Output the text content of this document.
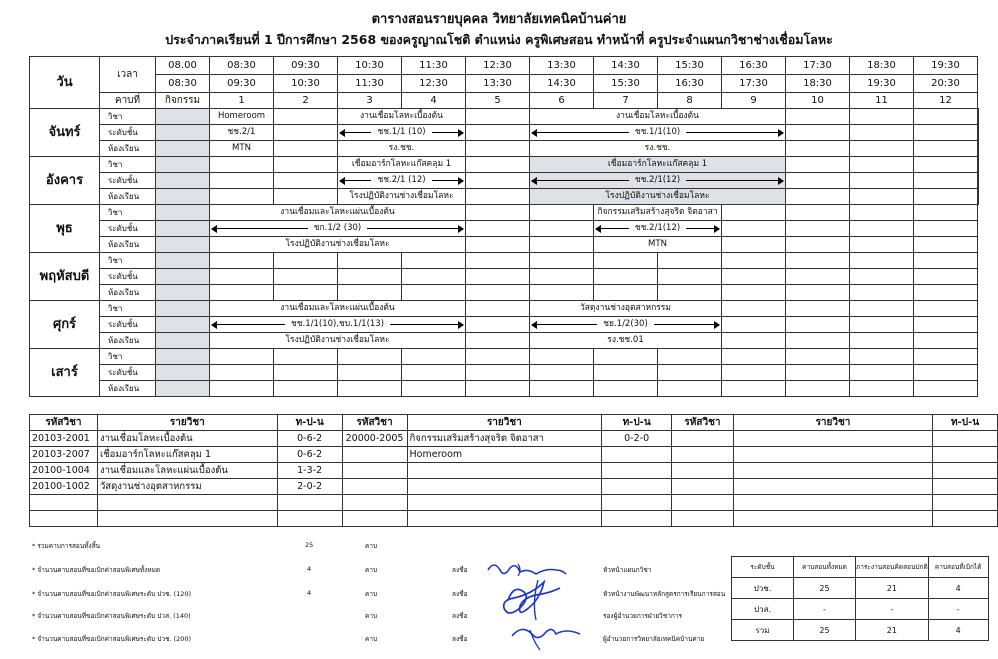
ตารางสอนรายบุคคล วิทยาลัยเทคนิคบ้านค่าย
ประจำภาคเรียนที่ 1 ปีการศึกษา 2568 ของครูญาณโชติ ตำแหน่ง ครูพิเศษสอน ทำหน้าที่ ครูประจำแผนกวิชาช่างเชื่อมโลหะ
วัน	เวลา	08.00	08:30	09:30	10:30	11:30	12:30	13:30	14:30	15:30	16:30	17:30	18:30	19:30	
		08:30	09:30	10:30	11:30	12:30	13:30	14:30	15:30	16:30	17:30	18:30	19:30	20:30	
	คาบที่	กิจกรรม	1	2	3	4	5	6	7	8	9	10	11	12	
จันทร์	วิชา		Homeroom		งานเชื่อมโลหะเบื้องต้น			งานเชื่อมโลหะเบื้องต้น							
	ระดับชั้น		ชช.2/1		ชช.1/1 (10)			ชช.1/1(10)							

	ห้องเรียน		MTN		รง.ชช.			รง.ชช.							
อังคาร	วิชา				เชื่อมอาร์กโลหะแก๊สคลุม 1			เชื่อมอาร์กโลหะแก๊สคลุม 1							
	ระดับชั้น				ชช.2/1 (12)			ชช.2/1(12)							

	ห้องเรียน				โรงปฏิบัติงานช่างเชื่อมโลหะ			โรงปฏิบัติงานช่างเชื่อมโลหะ							
พุธ	วิชา		งานเชื่อมและโลหะแผ่นเบื้องต้น						กิจกรรมเสริมสร้างสุจริต จิตอาสา						
	ระดับชั้น		ชก.1/2 (30)						ชช.2/1(12)						

	ห้องเรียน		โรงปฏิบัติงานช่างเชื่อมโลหะ						MTN						
พฤหัสบดี	วิชา														
	ระดับชั้น														
	ห้องเรียน														
ศุกร์	วิชา		งานเชื่อมและโลหะแผ่นเบื้องต้น					วัสดุงานช่างอุตสาหกรรม							
	ระดับชั้น		ชช.1/1(10),ชบ.1/1(13)					ชย.1/2(30)							

	ห้องเรียน		โรงปฏิบัติงานช่างเชื่อมโลหะ					รง.ชช.01							
เสาร์	วิชา														
	ระดับชั้น														
	ห้องเรียน														
รหัสวิชา	รายวิชา	ท-ป-น	รหัสวิชา	รายวิชา	ท-ป-น	รหัสวิชา	รายวิชา	ท-ป-น
20103-2001	งานเชื่อมโลหะเบื้องต้น	0-6-2	20000-2005	กิจกรรมเสริมสร้างสุจริต จิตอาสา	0-2-0			
20103-2007	เชื่อมอาร์กโลหะแก๊สคลุม 1	0-6-2		Homeroom				
20100-1004	งานเชื่อมและโลหะแผ่นเบื้องต้น	1-3-2						
20100-1002	วัสดุงานช่างอุตสาหกรรม	2-0-2						

* รวมคาบการสอนทั้งสิ้น	25	คาบ
* จำนวนคาบสอนที่ขอเบิกค่าสอนพิเศษทั้งหมด	4	คาบ	ลงชื่อ	หัวหน้าแผนกวิชา
* จำนวนคาบสอนที่ขอเบิกค่าสอนพิเศษระดับ ปวช. (120)	4	คาบ	ลงชื่อ	หัวหน้างานพัฒนาหลักสูตรการเรียนการสอน
* จำนวนคาบสอนที่ขอเบิกค่าสอนพิเศษระดับ ปวส. (140)	คาบ	ลงชื่อ	รองผู้อำนวยการฝ่ายวิชาการ
* จำนวนคาบสอนที่ขอเบิกค่าสอนพิเศษระดับ ปวช. (200)	คาบ	ลงชื่อ	ผู้อำนวยการวิทยาลัยเทคนิคบ้านค่าย
ระดับชั้น	คาบสอนทั้งหมด	ภาระงานสอนคิดสอนปกติ	คาบสอนที่เบิกได้
ปวช.	25	21	4
ปวส.	-	-	-
รวม	25	21	4
